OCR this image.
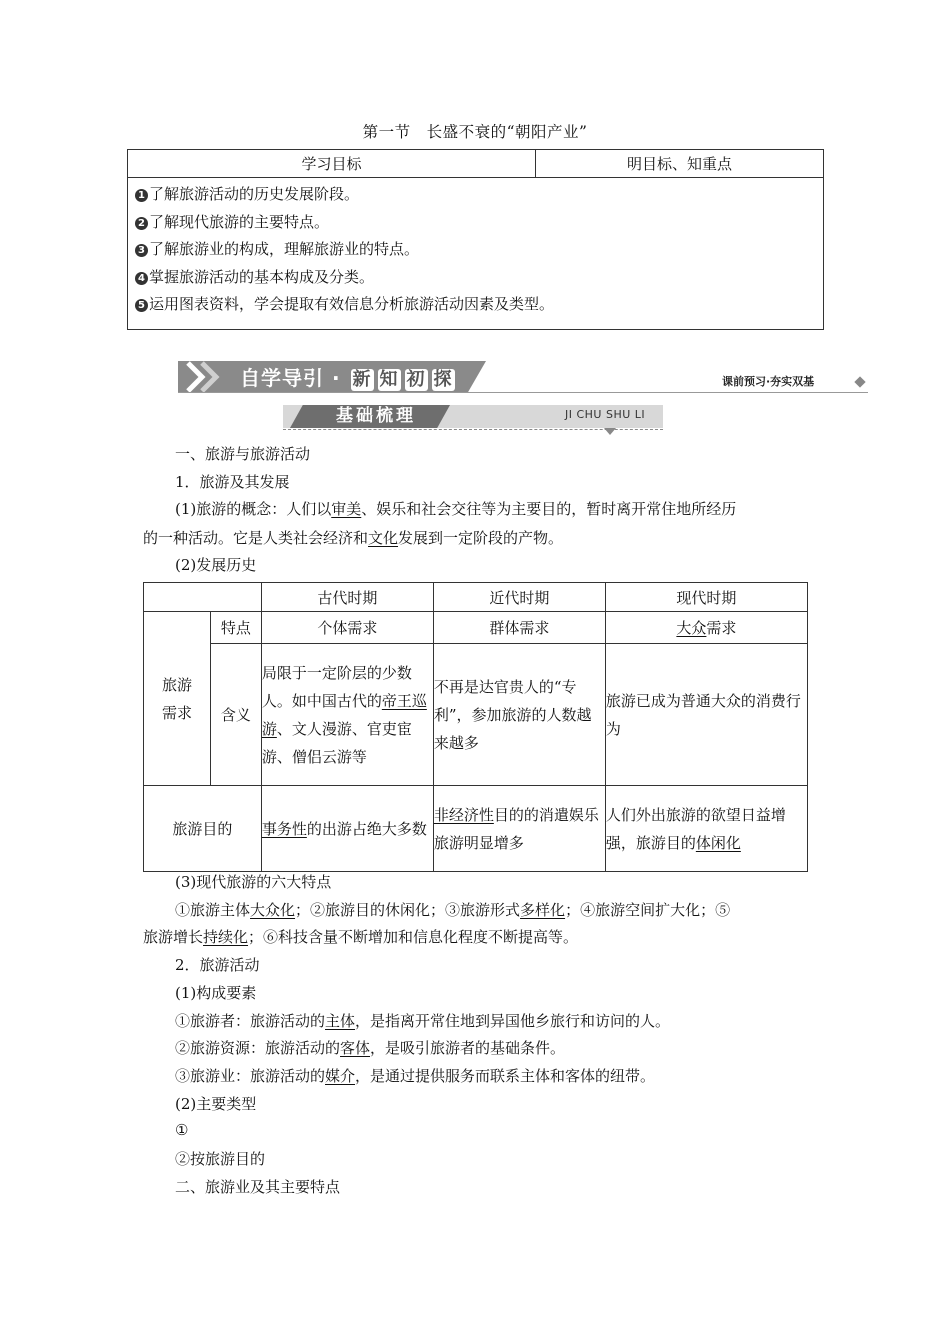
第一节　长盛不衰的“朝阳产业”
学习目标	明目标、知重点

1 了解旅游活动的历史发展阶段。
2 了解现代旅游的主要特点。
3 了解旅游业的构成，理解旅游业的特点。
4 掌握旅游活动的基本构成及分类。
5 运用图表资料，学会提取有效信息分析旅游活动因素及类型。
自学导引 · 新 知 初 探	课前预习·夯实双基
基础梳理	JI CHU SHU LI
一、旅游与旅游活动
1．旅游及其发展
(1)旅游的概念：人们以审美、娱乐和社会交往等为主要目的，暂时离开常住地所经历
的一种活动。它是人类社会经济和文化发展到一定阶段的产物。
(2)发展历史
		古代时期	近代时期	现代时期
旅游需求	特点	个体需求	群体需求	大众需求
	含义	局限于一定阶层的少数人。如中国古代的帝王巡游、文人漫游、官吏宦游、僧侣云游等	不再是达官贵人的“专利”，参加旅游的人数越来越多	旅游已成为普通大众的消费行为
旅游目的		事务性的出游占绝大多数	非经济性目的的消遣娱乐旅游明显增多	人们外出旅游的欲望日益增强，旅游目的体闲化
(3)现代旅游的六大特点
①旅游主体大众化；②旅游目的休闲化；③旅游形式多样化；④旅游空间扩大化；⑤
旅游增长持续化；⑥科技含量不断增加和信息化程度不断提高等。
2．旅游活动
(1)构成要素
①旅游者：旅游活动的主体，是指离开常住地到异国他乡旅行和访问的人。
②旅游资源：旅游活动的客体，是吸引旅游者的基础条件。
③旅游业：旅游活动的媒介，是通过提供服务而联系主体和客体的纽带。
(2)主要类型
①
②按旅游目的
二、旅游业及其主要特点
